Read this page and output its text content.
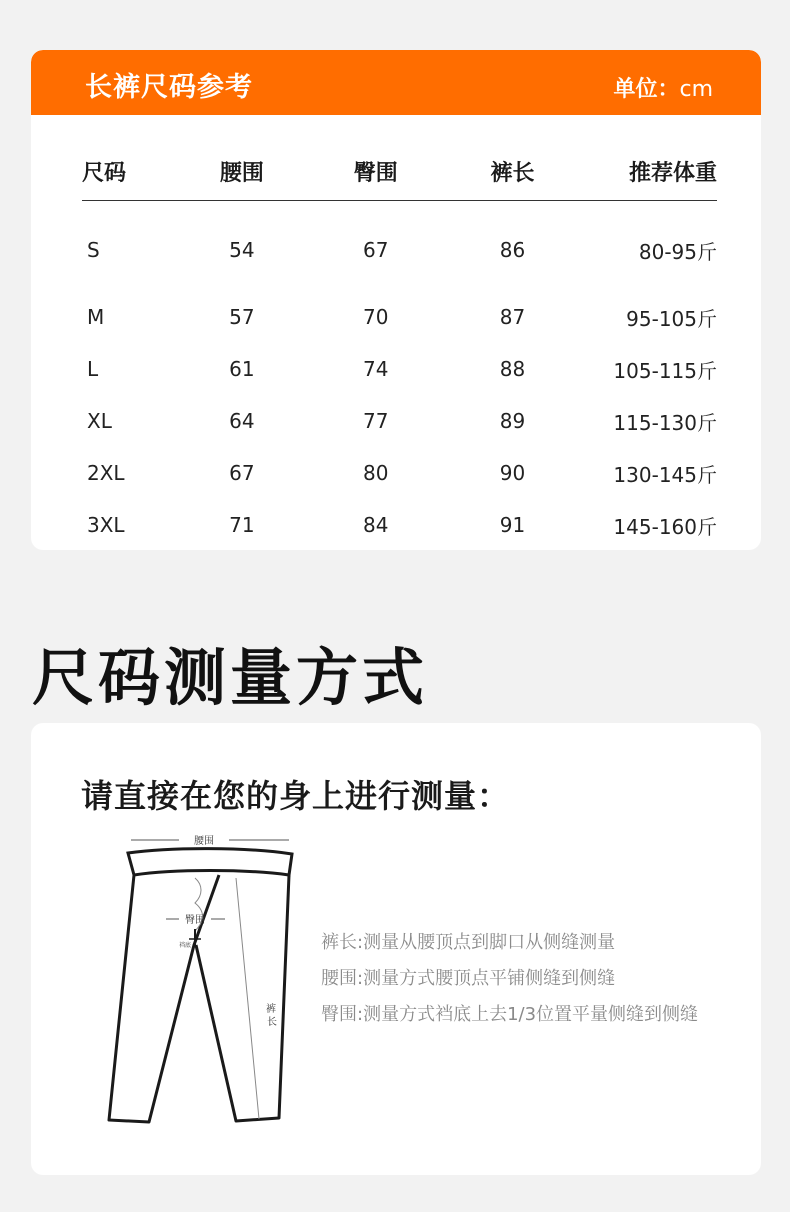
长裤尺码参考	单位：cm
尺码	腰围	臀围	裤长	推荐体重
S	54	67	86	80-95斤
M	57	70	87	95-105斤
L	61	74	88	105-115斤
XL	64	77	89	115-130斤
2XL	67	80	90	130-145斤
3XL	71	84	91	145-160斤
尺码测量方式
请直接在您的身上进行测量：
腰围
臀围
裆底
裤
长
裤长:测量从腰顶点到脚口从侧缝测量
腰围:测量方式腰顶点平铺侧缝到侧缝
臀围:测量方式裆底上去1/3位置平量侧缝到侧缝
